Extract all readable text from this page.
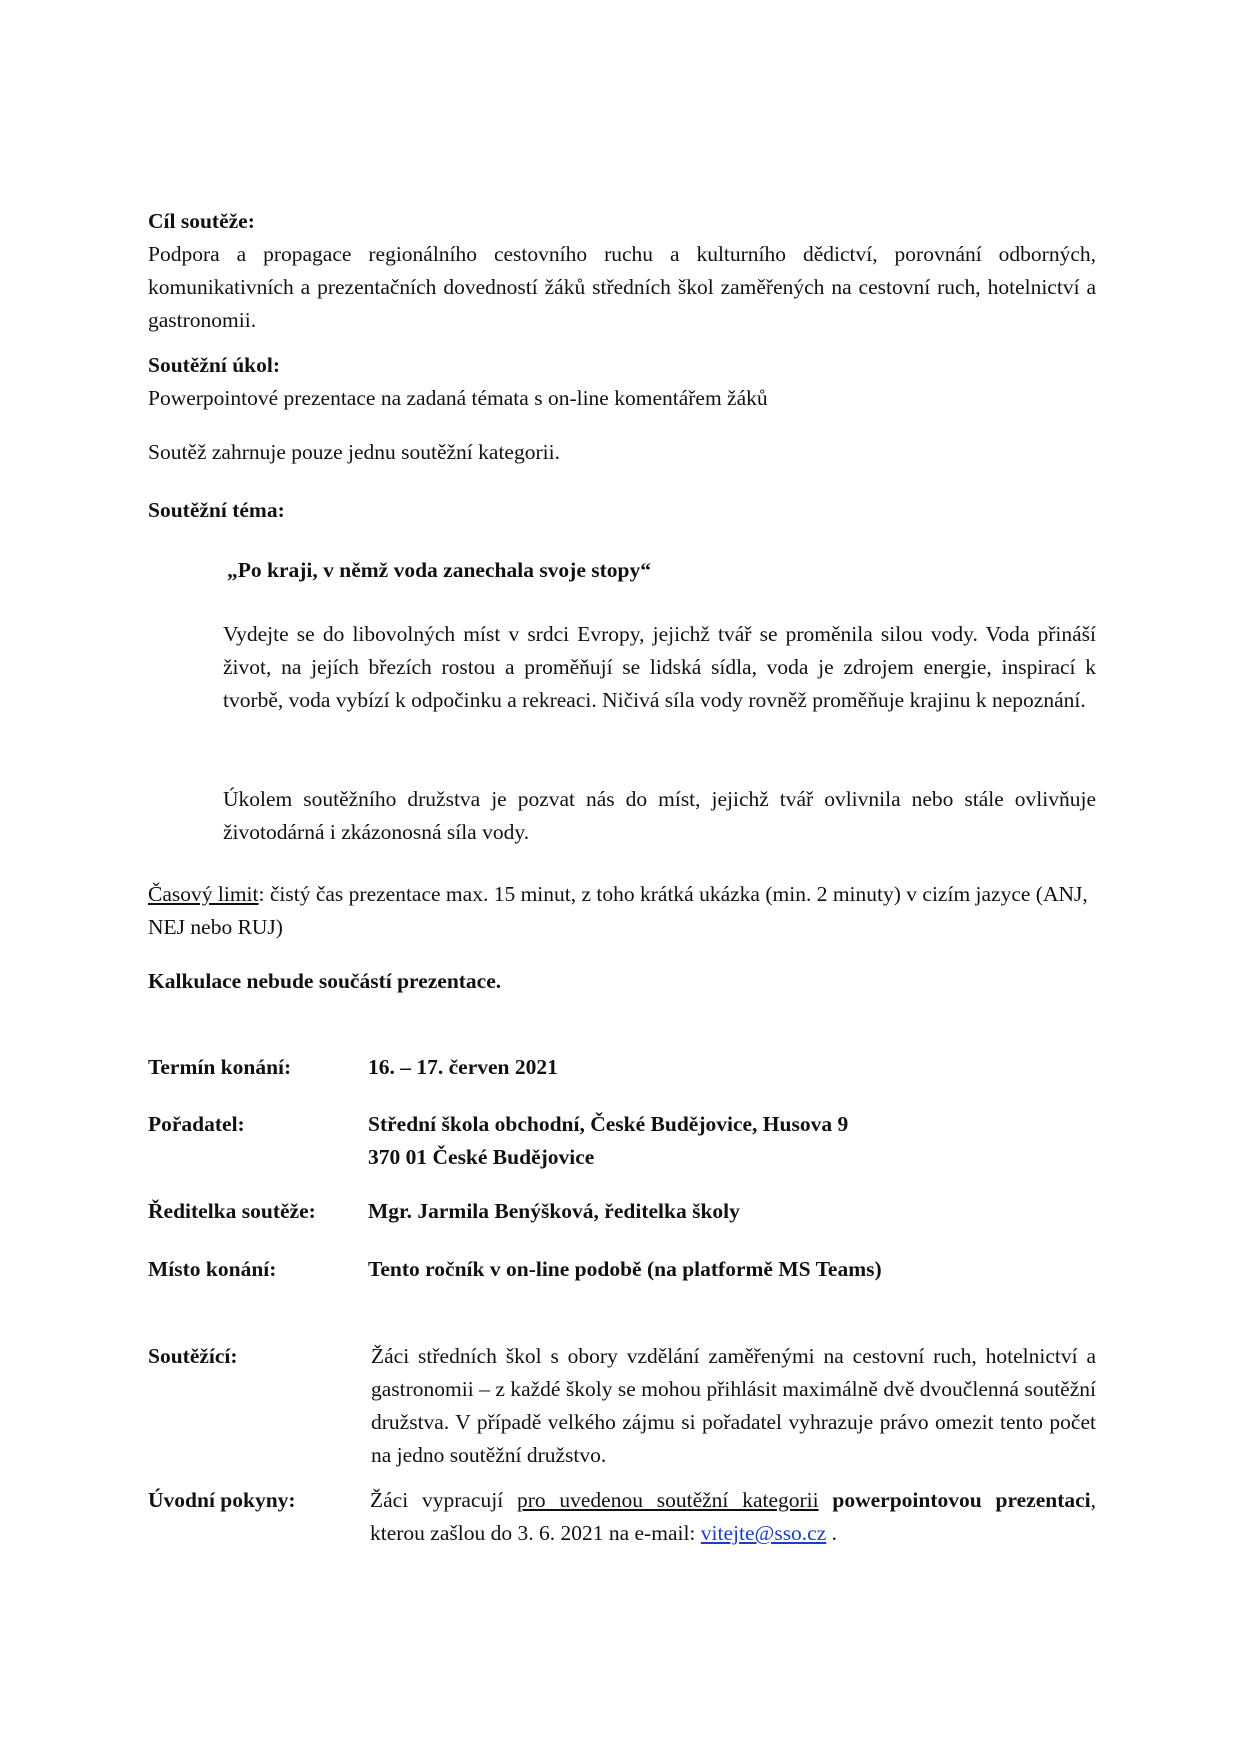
Cíl soutěže:

Podpora a propagace regionálního cestovního ruchu a kulturního dědictví, porovnání odborných, komunikativních a prezentačních dovedností žáků středních škol zaměřených na cestovní ruch, hotelnictví a gastronomii.

Soutěžní úkol:

Powerpointové prezentace na zadaná témata s on-line komentářem žáků

Soutěž zahrnuje pouze jednu soutěžní kategorii.

Soutěžní téma:

„Po kraji, v němž voda zanechala svoje stopy“

Vydejte se do libovolných míst v srdci Evropy, jejichž tvář se proměnila silou vody. Voda přináší život, na jejích březích rostou a proměňují se lidská sídla, voda je zdrojem energie, inspirací k tvorbě, voda vybízí k odpočinku a rekreaci. Ničivá síla vody rovněž proměňuje krajinu k nepoznání.

Úkolem soutěžního družstva je pozvat nás do míst, jejichž tvář ovlivnila nebo stále ovlivňuje životodárná i zkázonosná síla vody.

Časový limit: čistý čas prezentace max. 15 minut, z toho krátká ukázka (min. 2 minuty) v cizím jazyce (ANJ, NEJ nebo RUJ)

Kalkulace nebude součástí prezentace.

Termín konání:	16. – 17. červen 2021
Pořadatel:	Střední škola obchodní, České Budějovice, Husova 9

370 01 České Budějovice

Ředitelka soutěže: Mgr. Jarmila Benýšková, ředitelka školy
Místo konání:	Tento ročník v on-line podobě (na platformě MS Teams)
Soutěžící:	Žáci středních škol s obory vzdělání zaměřenými na cestovní ruch, hotelnictví a gastronomii – z každé školy se mohou přihlásit maximálně dvě dvoučlenná soutěžní družstva. V případě velkého zájmu si pořadatel vyhrazuje právo omezit tento počet na jedno soutěžní družstvo.

Úvodní pokyny:	Žáci vypracují pro uvedenou soutěžní kategorii powerpointovou prezentaci, kterou zašlou do 3. 6. 2021 na e-mail: vitejte@sso.cz .
